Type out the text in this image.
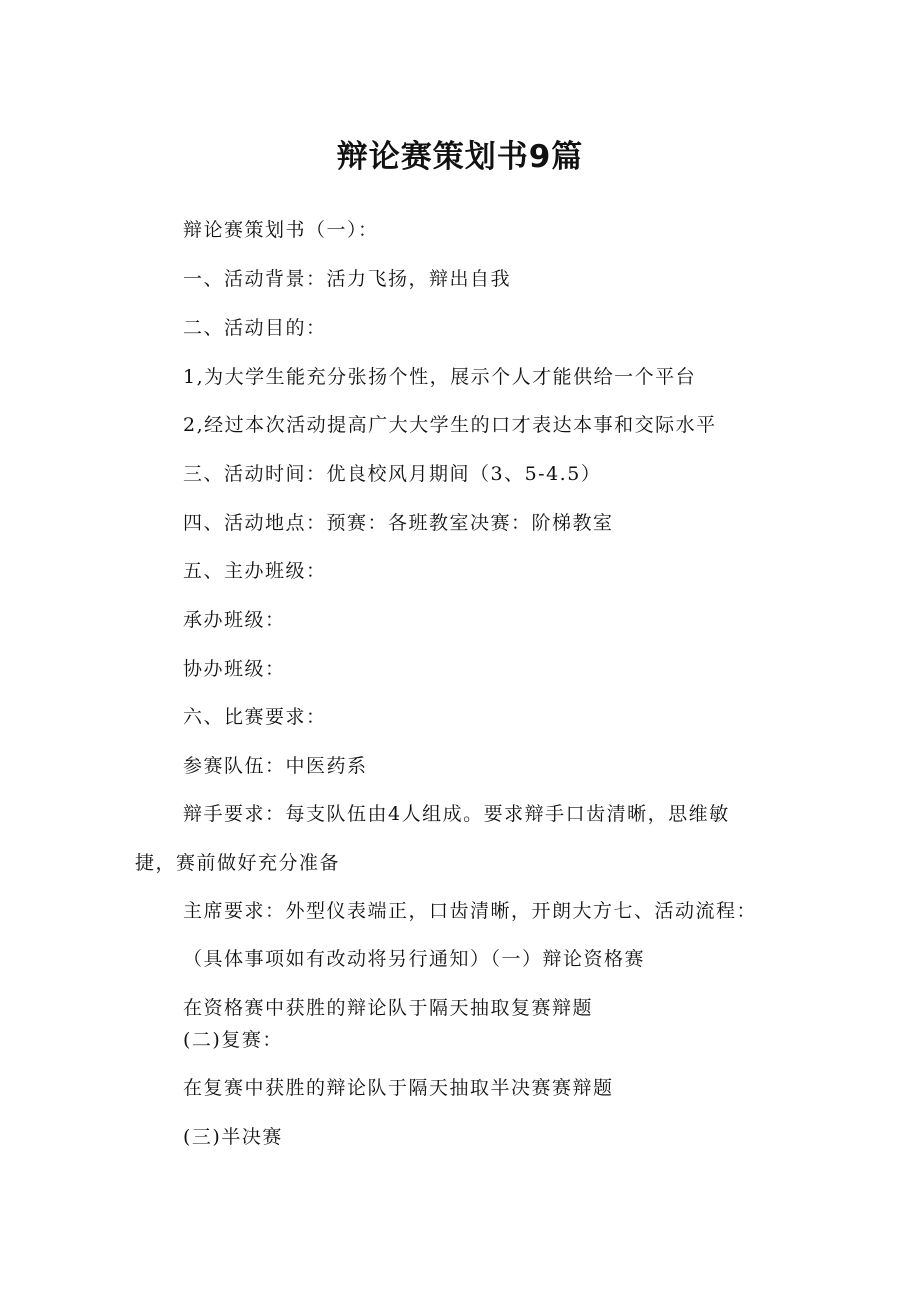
辩论赛策划书9篇
辩论赛策划书（一）：
一、活动背景：活力飞扬，辩出自我
二、活动目的：
1,为大学生能充分张扬个性，展示个人才能供给一个平台
2,经过本次活动提高广大大学生的口才表达本事和交际水平
三、活动时间：优良校风月期间（3、5-4.5）
四、活动地点：预赛：各班教室决赛：阶梯教室
五、主办班级：
承办班级：
协办班级：
六、比赛要求：
参赛队伍：中医药系
辩手要求：每支队伍由4人组成。要求辩手口齿清晰，思维敏
捷，赛前做好充分准备
主席要求：外型仪表端正，口齿清晰，开朗大方七、活动流程：
（具体事项如有改动将另行通知）（一）辩论资格赛
在资格赛中获胜的辩论队于隔天抽取复赛辩题
(二)复赛：
在复赛中获胜的辩论队于隔天抽取半决赛赛辩题
(三)半决赛
